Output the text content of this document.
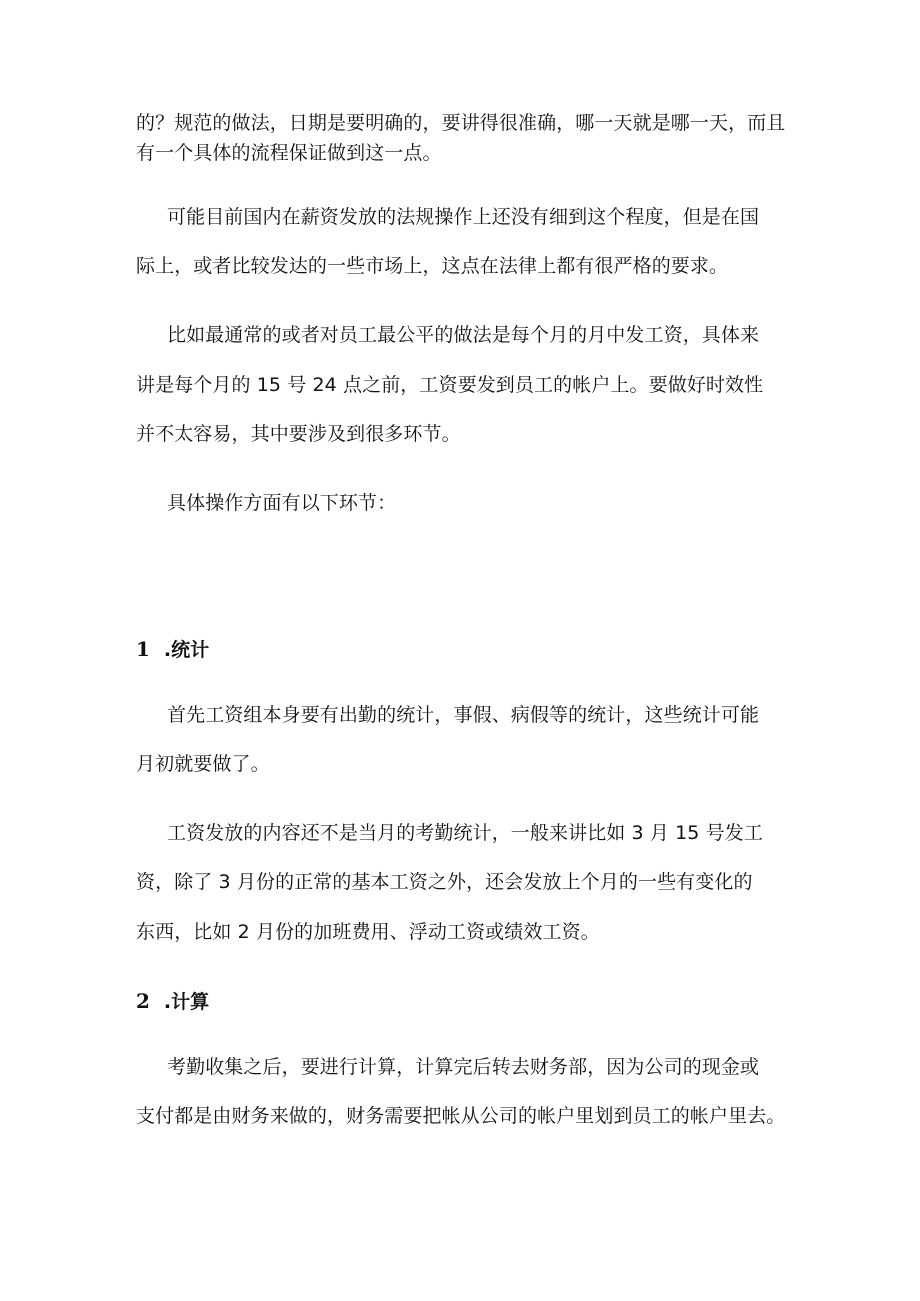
的？规范的做法，日期是要明确的，要讲得很准确，哪一天就是哪一天，而且
有一个具体的流程保证做到这一点。
可能目前国内在薪资发放的法规操作上还没有细到这个程度，但是在国
际上，或者比较发达的一些市场上，这点在法律上都有很严格的要求。
比如最通常的或者对员工最公平的做法是每个月的月中发工资，具体来
讲是每个月的 15 号 24 点之前，工资要发到员工的帐户上。要做好时效性
并不太容易，其中要涉及到很多环节。
具体操作方面有以下环节：
1 .统计
首先工资组本身要有出勤的统计，事假、病假等的统计，这些统计可能
月初就要做了。
工资发放的内容还不是当月的考勤统计，一般来讲比如 3 月 15 号发工
资，除了 3 月份的正常的基本工资之外，还会发放上个月的一些有变化的
东西，比如 2 月份的加班费用、浮动工资或绩效工资。
2 .计算
考勤收集之后，要进行计算，计算完后转去财务部，因为公司的现金或
支付都是由财务来做的，财务需要把帐从公司的帐户里划到员工的帐户里去。
